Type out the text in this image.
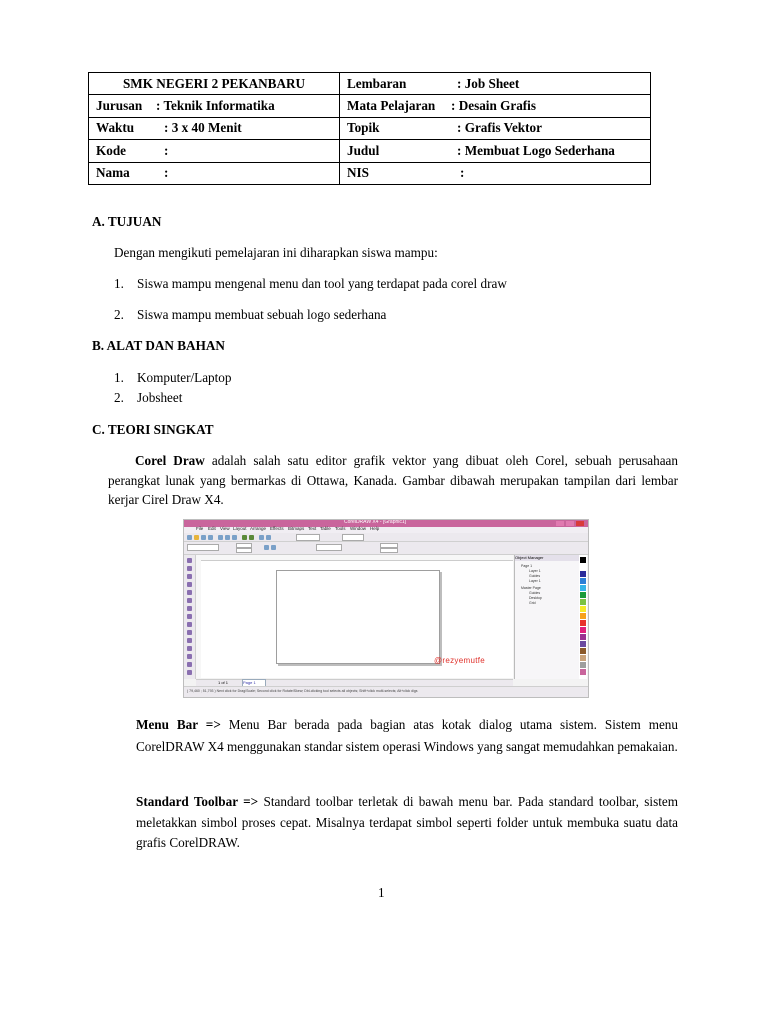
SMK NEGERI 2 PEKANBARU	Lembaran : Job Sheet
Jurusan : Teknik Informatika	Mata Pelajaran : Desain Grafis
Waktu : 3 x 40 Menit	Topik : Grafis Vektor
Kode :	Judul : Membuat Logo Sederhana
Nama :	NIS :
A. TUJUAN
Dengan mengikuti pemelajaran ini diharapkan siswa mampu:
1. Siswa mampu mengenal menu dan tool yang terdapat pada corel draw
2. Siswa mampu membuat sebuah logo sederhana
B. ALAT DAN BAHAN
1. Komputer/Laptop
2. Jobsheet
C. TEORI SINGKAT
Corel Draw adalah salah satu editor grafik vektor yang dibuat oleh Corel, sebuah perusahaan perangkat lunak yang bermarkas di Ottawa, Kanada. Gambar dibawah merupakan tampilan dari lembar kerjar Cirel Draw X4.
CorelDRAW X4 - [Graphic1]
File Edit View Layout Arrange Effects Bitmaps Text Table Tools Window Help
@rezyemutfe
Object Manager
Page 1
Layer 1
Guides
Layer 1
Master Page
Guides
Desktop
Grid
1 of 1	Page 1
( 79,460 ; 51,793 ) Next click for Drag/Scale; Second click for Rotate/Skew; Dbl-clicking tool selects all objects; Shift+click multi-selects; Alt+click digs
Menu Bar => Menu Bar berada pada bagian atas kotak dialog utama sistem. Sistem menu CorelDRAW X4 menggunakan standar sistem operasi Windows yang sangat memudahkan pemakaian.
Standard Toolbar => Standard toolbar terletak di bawah menu bar. Pada standard toolbar, sistem meletakkan simbol proses cepat. Misalnya terdapat simbol seperti folder untuk membuka suatu data grafis CorelDRAW.
1
